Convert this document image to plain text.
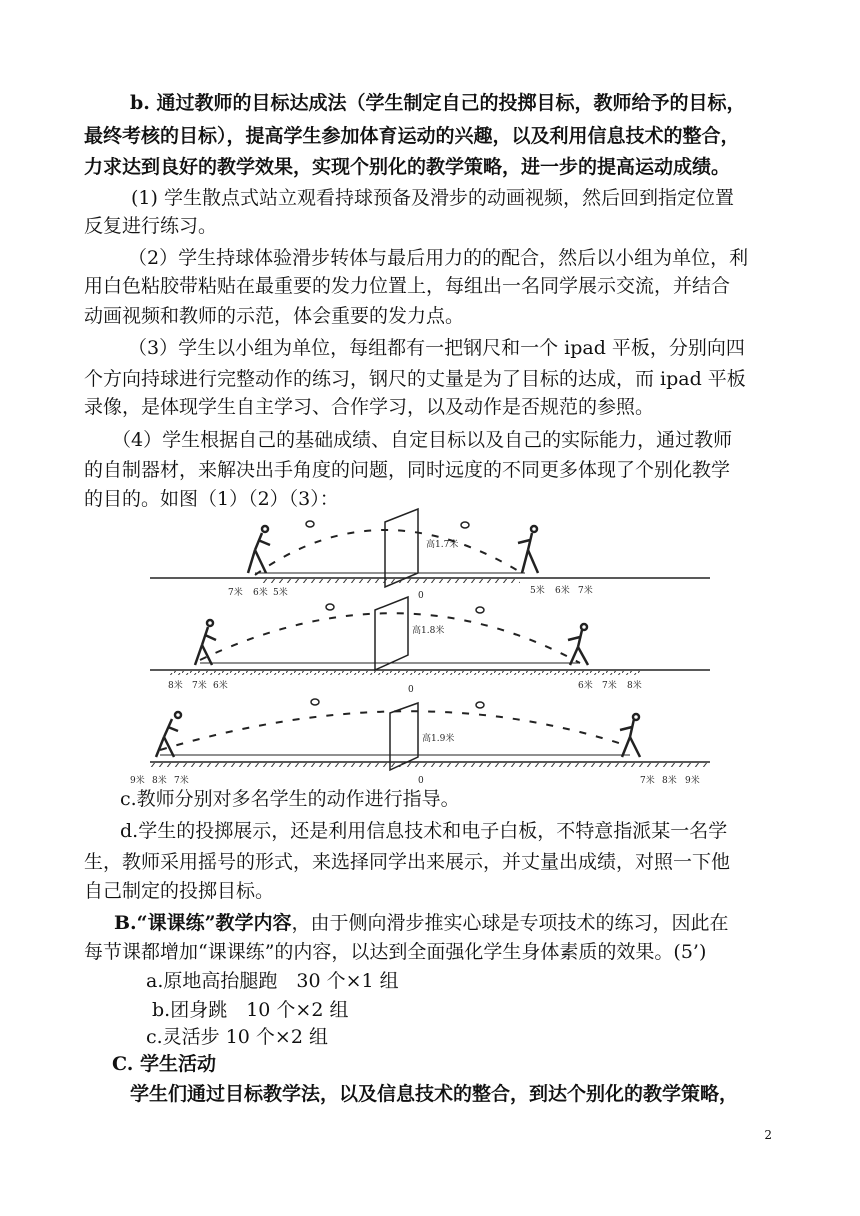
b. 通过教师的目标达成法（学生制定自己的投掷目标，教师给予的目标，
最终考核的目标），提高学生参加体育运动的兴趣，以及利用信息技术的整合，
力求达到良好的教学效果，实现个别化的教学策略，进一步的提高运动成绩。
(1) 学生散点式站立观看持球预备及滑步的动画视频，然后回到指定位置
反复进行练习。
（2）学生持球体验滑步转体与最后用力的的配合，然后以小组为单位，利
用白色粘胶带粘贴在最重要的发力位置上，每组出一名同学展示交流，并结合
动画视频和教师的示范，体会重要的发力点。
（3）学生以小组为单位，每组都有一把钢尺和一个 ipad 平板，分别向四
个方向持球进行完整动作的练习，钢尺的丈量是为了目标的达成，而 ipad 平板
录像，是体现学生自主学习、合作学习，以及动作是否规范的参照。
（4）学生根据自己的基础成绩、自定目标以及自己的实际能力，通过教师
的自制器材，来解决出手角度的问题，同时远度的不同更多体现了个别化教学
的目的。如图（1）（2）（3）：
高1.7米
7米 6米 5米	0	5米 6米 7米
高1.8米
8米 7米 6米	0	6米 7米 8米
高1.9米
9米 8米 7米	0	7米 8米 9米
c.教师分别对多名学生的动作进行指导。
d.学生的投掷展示，还是利用信息技术和电子白板，不特意指派某一名学
生，教师采用摇号的形式，来选择同学出来展示，并丈量出成绩，对照一下他
自己制定的投掷目标。
B.“课课练”教学内容，由于侧向滑步推实心球是专项技术的练习，因此在
每节课都增加“课课练”的内容，以达到全面强化学生身体素质的效果。(5’)
a.原地高抬腿跑　30 个×1 组
b.团身跳　10 个×2 组
c.灵活步 10 个×2 组
C. 学生活动
学生们通过目标教学法，以及信息技术的整合，到达个别化的教学策略，
2
